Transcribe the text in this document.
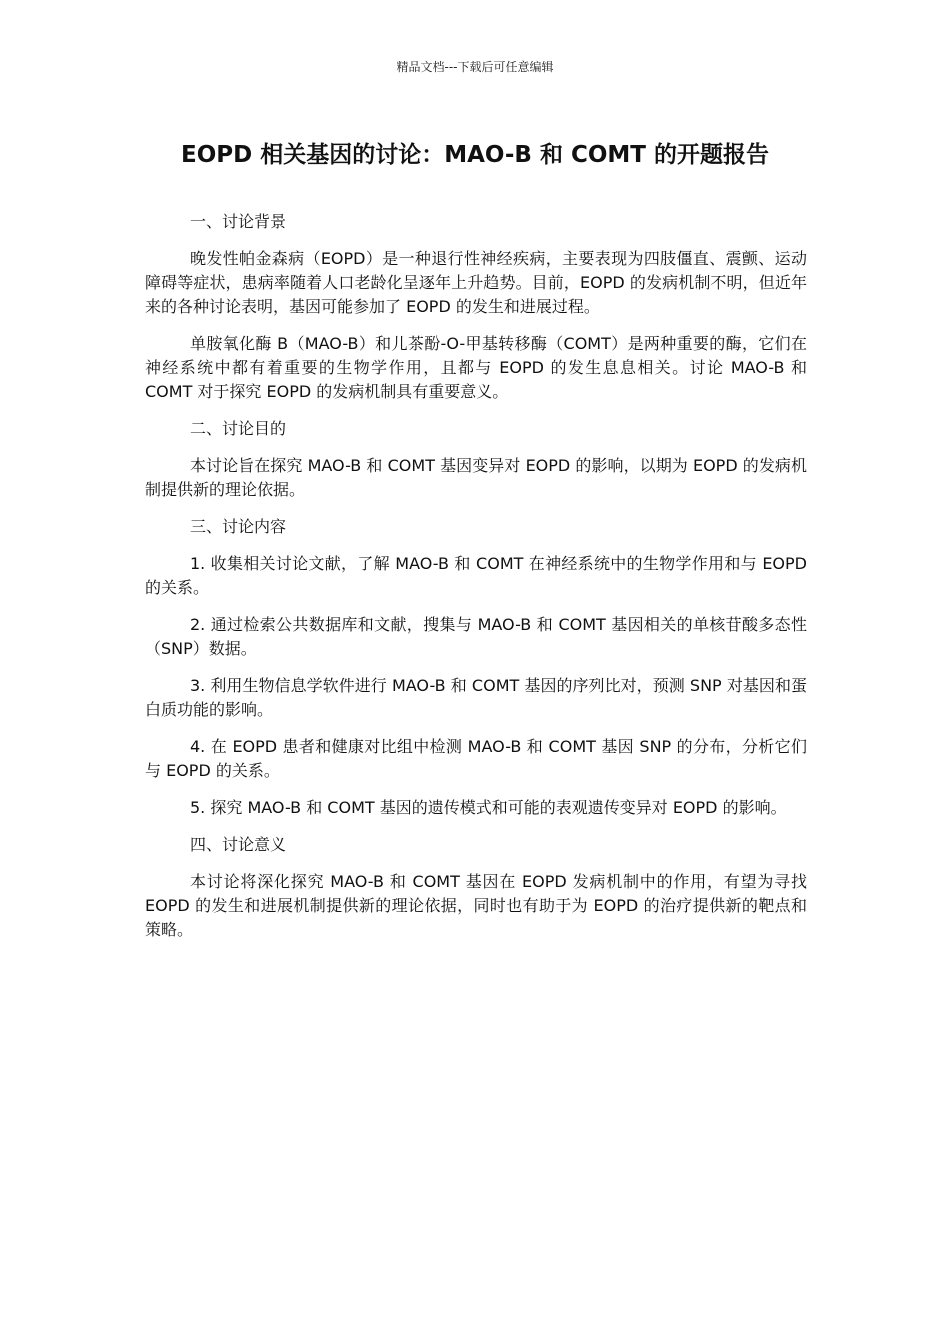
精品文档---下载后可任意编辑
EOPD 相关基因的讨论：MAO-B 和 COMT 的开题报告
一、讨论背景

晚发性帕金森病（EOPD）是一种退行性神经疾病，主要表现为四肢僵直、震颤、运动障碍等症状，患病率随着人口老龄化呈逐年上升趋势。目前，EOPD 的发病机制不明，但近年来的各种讨论表明，基因可能参加了 EOPD 的发生和进展过程。

单胺氧化酶 B（MAO-B）和儿茶酚-O-甲基转移酶（COMT）是两种重要的酶，它们在神经系统中都有着重要的生物学作用，且都与 EOPD 的发生息息相关。讨论 MAO-B 和 COMT 对于探究 EOPD 的发病机制具有重要意义。

二、讨论目的

本讨论旨在探究 MAO-B 和 COMT 基因变异对 EOPD 的影响，以期为 EOPD 的发病机制提供新的理论依据。

三、讨论内容

1. 收集相关讨论文献，了解 MAO-B 和 COMT 在神经系统中的生物学作用和与 EOPD 的关系。

2. 通过检索公共数据库和文献，搜集与 MAO-B 和 COMT 基因相关的单核苷酸多态性（SNP）数据。

3. 利用生物信息学软件进行 MAO-B 和 COMT 基因的序列比对，预测 SNP 对基因和蛋白质功能的影响。

4. 在 EOPD 患者和健康对比组中检测 MAO-B 和 COMT 基因 SNP 的分布，分析它们与 EOPD 的关系。

5. 探究 MAO-B 和 COMT 基因的遗传模式和可能的表观遗传变异对 EOPD 的影响。

四、讨论意义

本讨论将深化探究 MAO-B 和 COMT 基因在 EOPD 发病机制中的作用，有望为寻找 EOPD 的发生和进展机制提供新的理论依据，同时也有助于为 EOPD 的治疗提供新的靶点和策略。
